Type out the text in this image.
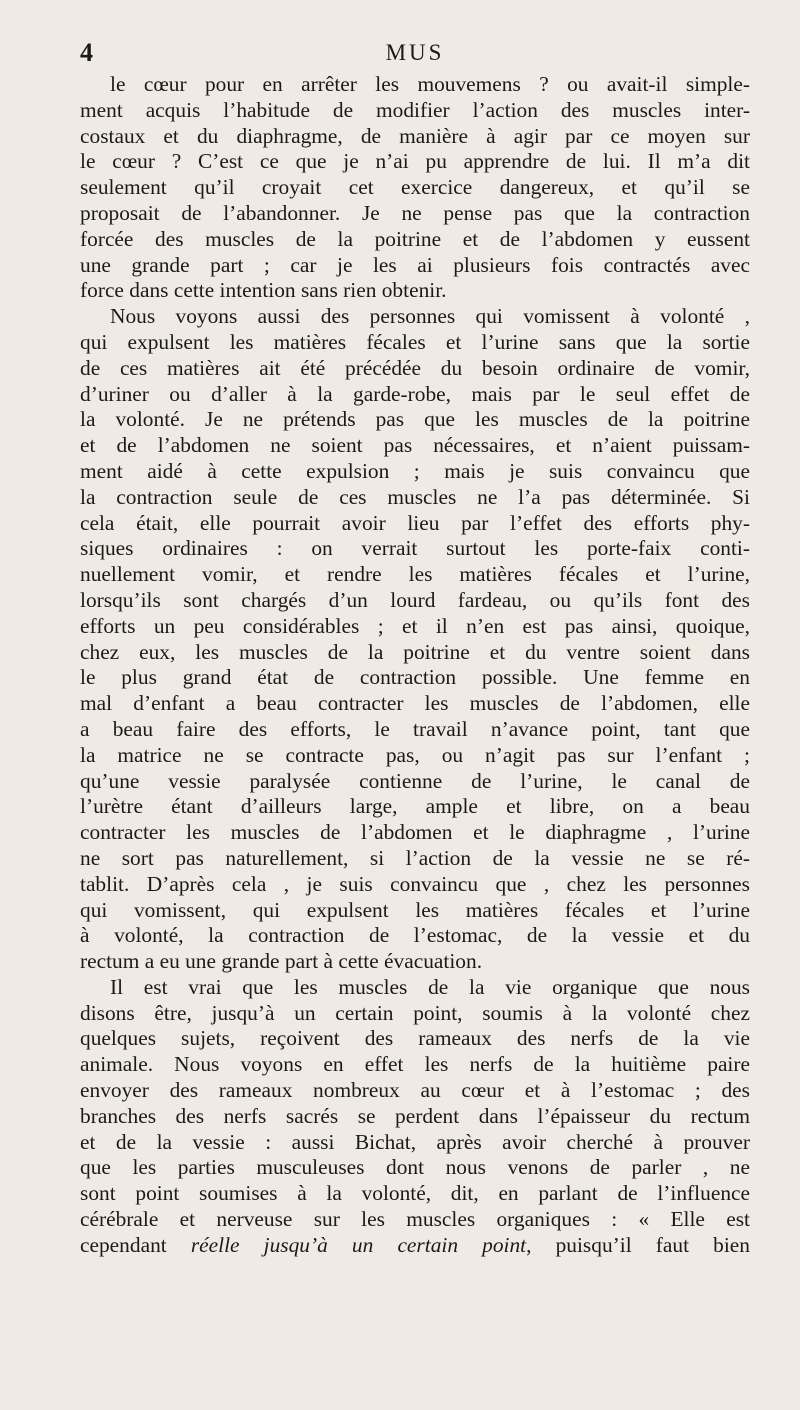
4	MUS
le cœur pour en arrêter les mouvemens ? ou avait-il simple-
ment acquis l’habitude de modifier l’action des muscles inter-
costaux et du diaphragme, de manière à agir par ce moyen sur
le cœur ? C’est ce que je n’ai pu apprendre de lui. Il m’a dit
seulement qu’il croyait cet exercice dangereux, et qu’il se
proposait de l’abandonner. Je ne pense pas que la contraction
forcée des muscles de la poitrine et de l’abdomen y eussent
une grande part ; car je les ai plusieurs fois contractés avec
force dans cette intention sans rien obtenir.
Nous voyons aussi des personnes qui vomissent à volonté ,
qui expulsent les matières fécales et l’urine sans que la sortie
de ces matières ait été précédée du besoin ordinaire de vomir,
d’uriner ou d’aller à la garde-robe, mais par le seul effet de
la volonté. Je ne prétends pas que les muscles de la poitrine
et de l’abdomen ne soient pas nécessaires, et n’aient puissam-
ment aidé à cette expulsion ; mais je suis convaincu que
la contraction seule de ces muscles ne l’a pas déterminée. Si
cela était, elle pourrait avoir lieu par l’effet des efforts phy-
siques ordinaires : on verrait surtout les porte-faix conti-
nuellement vomir, et rendre les matières fécales et l’urine,
lorsqu’ils sont chargés d’un lourd fardeau, ou qu’ils font des
efforts un peu considérables ; et il n’en est pas ainsi, quoique,
chez eux, les muscles de la poitrine et du ventre soient dans
le plus grand état de contraction possible. Une femme en
mal d’enfant a beau contracter les muscles de l’abdomen, elle
a beau faire des efforts, le travail n’avance point, tant que
la matrice ne se contracte pas, ou n’agit pas sur l’enfant ;
qu’une vessie paralysée contienne de l’urine, le canal de
l’urètre étant d’ailleurs large, ample et libre, on a beau
contracter les muscles de l’abdomen et le diaphragme , l’urine
ne sort pas naturellement, si l’action de la vessie ne se ré-
tablit. D’après cela , je suis convaincu que , chez les personnes
qui vomissent, qui expulsent les matières fécales et l’urine
à volonté, la contraction de l’estomac, de la vessie et du
rectum a eu une grande part à cette évacuation.
Il est vrai que les muscles de la vie organique que nous
disons être, jusqu’à un certain point, soumis à la volonté chez
quelques sujets, reçoivent des rameaux des nerfs de la vie
animale. Nous voyons en effet les nerfs de la huitième paire
envoyer des rameaux nombreux au cœur et à l’estomac ; des
branches des nerfs sacrés se perdent dans l’épaisseur du rectum
et de la vessie : aussi Bichat, après avoir cherché à prouver
que les parties musculeuses dont nous venons de parler , ne
sont point soumises à la volonté, dit, en parlant de l’influence
cérébrale et nerveuse sur les muscles organiques : « Elle est
cependant réelle jusqu’à un certain point, puisqu’il faut bien
